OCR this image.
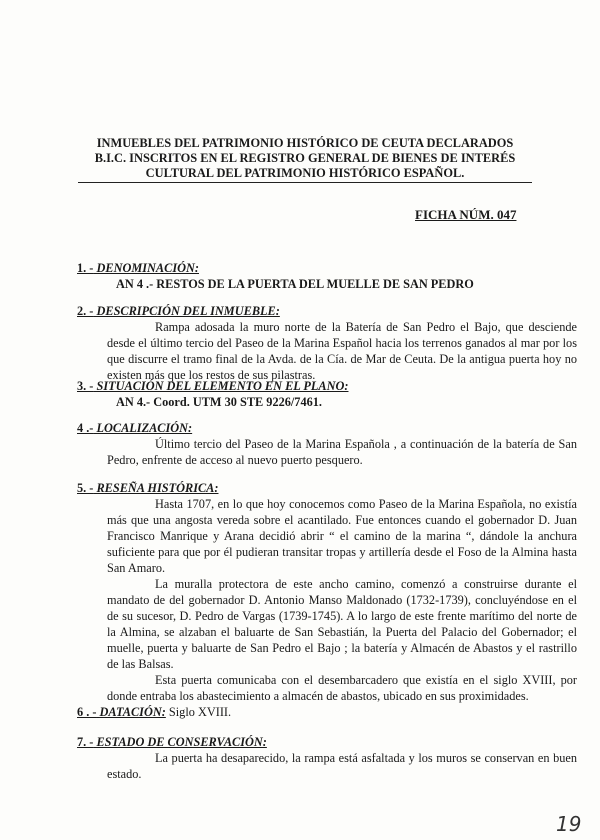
INMUEBLES DEL PATRIMONIO HISTÓRICO DE CEUTA DECLARADOS
B.I.C. INSCRITOS EN EL REGISTRO GENERAL DE BIENES DE INTERÉS
CULTURAL DEL PATRIMONIO HISTÓRICO ESPAÑOL.
FICHA NÚM. 047
1. - DENOMINACIÓN:
AN 4 .- RESTOS DE LA PUERTA DEL MUELLE DE SAN PEDRO
2. - DESCRIPCIÓN DEL INMUEBLE:
Rampa adosada la muro norte de la Batería de San Pedro el Bajo, que desciende desde el último tercio del Paseo de la Marina Español hacia los terrenos ganados al mar por los que discurre el tramo final de la Avda. de la Cía. de Mar de Ceuta. De la antigua puerta hoy no existen más que los restos de sus pilastras.
3. - SITUACIÓN DEL ELEMENTO EN EL PLANO:
AN 4.- Coord. UTM 30 STE 9226/7461.
4 .- LOCALIZACIÓN:
Último tercio del Paseo de la Marina Española , a continuación de la batería de San Pedro, enfrente de acceso al nuevo puerto pesquero.
5. - RESEÑA HISTÓRICA:
Hasta 1707, en lo que hoy conocemos como Paseo de la Marina Española, no existía más que una angosta vereda sobre el acantilado. Fue entonces cuando el gobernador D. Juan Francisco Manrique y Arana decidió abrir “ el camino de la marina “, dándole la anchura suficiente para que por él pudieran transitar tropas y artillería desde el Foso de la Almina hasta San Amaro.
La muralla protectora de este ancho camino, comenzó a construirse durante el mandato de del gobernador D. Antonio Manso Maldonado (1732-1739), concluyéndose en el de su sucesor, D. Pedro de Vargas (1739-1745). A lo largo de este frente marítimo del norte de la Almina, se alzaban el baluarte de San Sebastián, la Puerta del Palacio del Gobernador; el muelle, puerta y baluarte de San Pedro el Bajo ; la batería y Almacén de Abastos y el rastrillo de las Balsas.
Esta puerta comunicaba con el desembarcadero que existía en el siglo XVIII, por donde entraba los abastecimiento a almacén de abastos, ubicado en sus proximidades.
6 . - DATACIÓN: Siglo XVIII.
7. - ESTADO DE CONSERVACIÓN:
La puerta ha desaparecido, la rampa está asfaltada y los muros se conservan en buen estado.
19
